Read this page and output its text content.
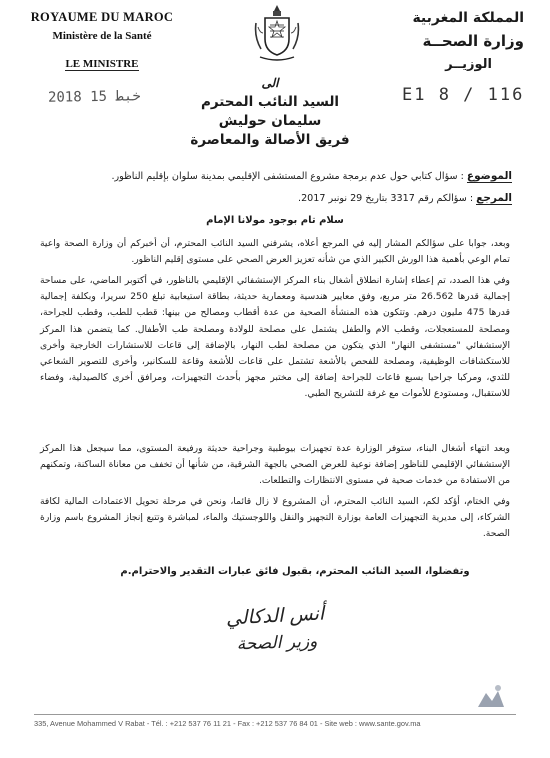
ROYAUME DU MAROC
Ministère de la Santé
LE MINISTRE
المملكة المغربية
وزارة الصحــة
الوزيــر
2018 ﺧﺒﻂ 15	E1 8 / 116
الى
السيد النائب المحترم
سليمان حوليش
فريق الأصالة والمعاصرة
الموضوع : سؤال كتابي حول عدم برمجة مشروع المستشفى الإقليمي بمدينة سلوان بإقليم الناظور.
المرجع : سؤالكم رقم 3317 بتاريخ 29 نونبر 2017.
سلام تام بوجود مولانا الإمام
وبعد، جوابا على سؤالكم المشار إليه في المرجع أعلاه، يشرفني السيد النائب المحترم، أن أخبركم أن وزارة الصحة واعية تمام الوعي بأهمية هذا الورش الكبير الذي من شأنه تعزيز العرض الصحي على مستوى إقليم الناظور.
وفي هذا الصدد، تم إعطاء إشارة انطلاق أشغال بناء المركز الإستشفائي الإقليمي بالناظور، في أكتوبر الماضي، على مساحة إجمالية قدرها 26.562 متر مربع، وفق معايير هندسية ومعمارية حديثة، بطاقة استيعابية تبلغ 250 سريرا، وبكلفة إجمالية قدرها 475 مليون درهم. وتتكون هذه المنشأة الصحية من عدة أقطاب ومصالح من بينها: قطب للطب، وقطب للجراحة، ومصلحة للمستعجلات، وقطب الام والطفل يشتمل على مصلحة للولادة ومصلحة طب الأطفال. كما يتضمن هذا المركز الإستشفائي "مستشفى النهار" الذي يتكون من مصلحة لطب النهار، بالإضافة إلى قاعات للاستشارات الخارجية وأخرى للاستكشافات الوظيفية، ومصلحة للفحص بالأشعة تشتمل على قاعات للأشعة وقاعة للسكانير، وأخرى للتصوير الشعاعي للثدي، ومركبا جراحيا بسبع قاعات للجراحة إضافة إلى مختبر مجهز بأحدث التجهيزات، ومرافق أخرى كالصيدلية، وفضاء للاستقبال، ومستودع للأموات مع غرفة للتشريح الطبي.
وبعد انتهاء أشغال البناء، ستوفر الوزارة عدة تجهيزات بيوطبية وجراحية حديثة ورفيعة المستوى، مما سيجعل هذا المركز الإستشفائي الإقليمي للناظور إضافة نوعية للعرض الصحي بالجهة الشرقية، من شأنها أن تخفف من معاناة الساكنة، وتمكنهم من الاستفادة من خدمات صحية في مستوى الانتظارات والتطلعات.
وفي الختام، أؤكد لكم، السيد النائب المحترم، أن المشروع لا زال قائما، ونحن في مرحلة تحويل الاعتمادات المالية لكافة الشركاء، إلى مديرية التجهيزات العامة بوزارة التجهيز والنقل واللوجستيك والماء، لمباشرة وتتبع إنجاز المشروع باسم وزارة الصحة.
وتفضلوا، السيد النائب المحترم، بقبول فائق عبارات التقدير والاحترام.م
أنس الدكالي
وزير الصحة
335, Avenue Mohammed V Rabat - Tél. : +212 537 76 11 21 - Fax : +212 537 76 84 01 - Site web : www.sante.gov.ma
